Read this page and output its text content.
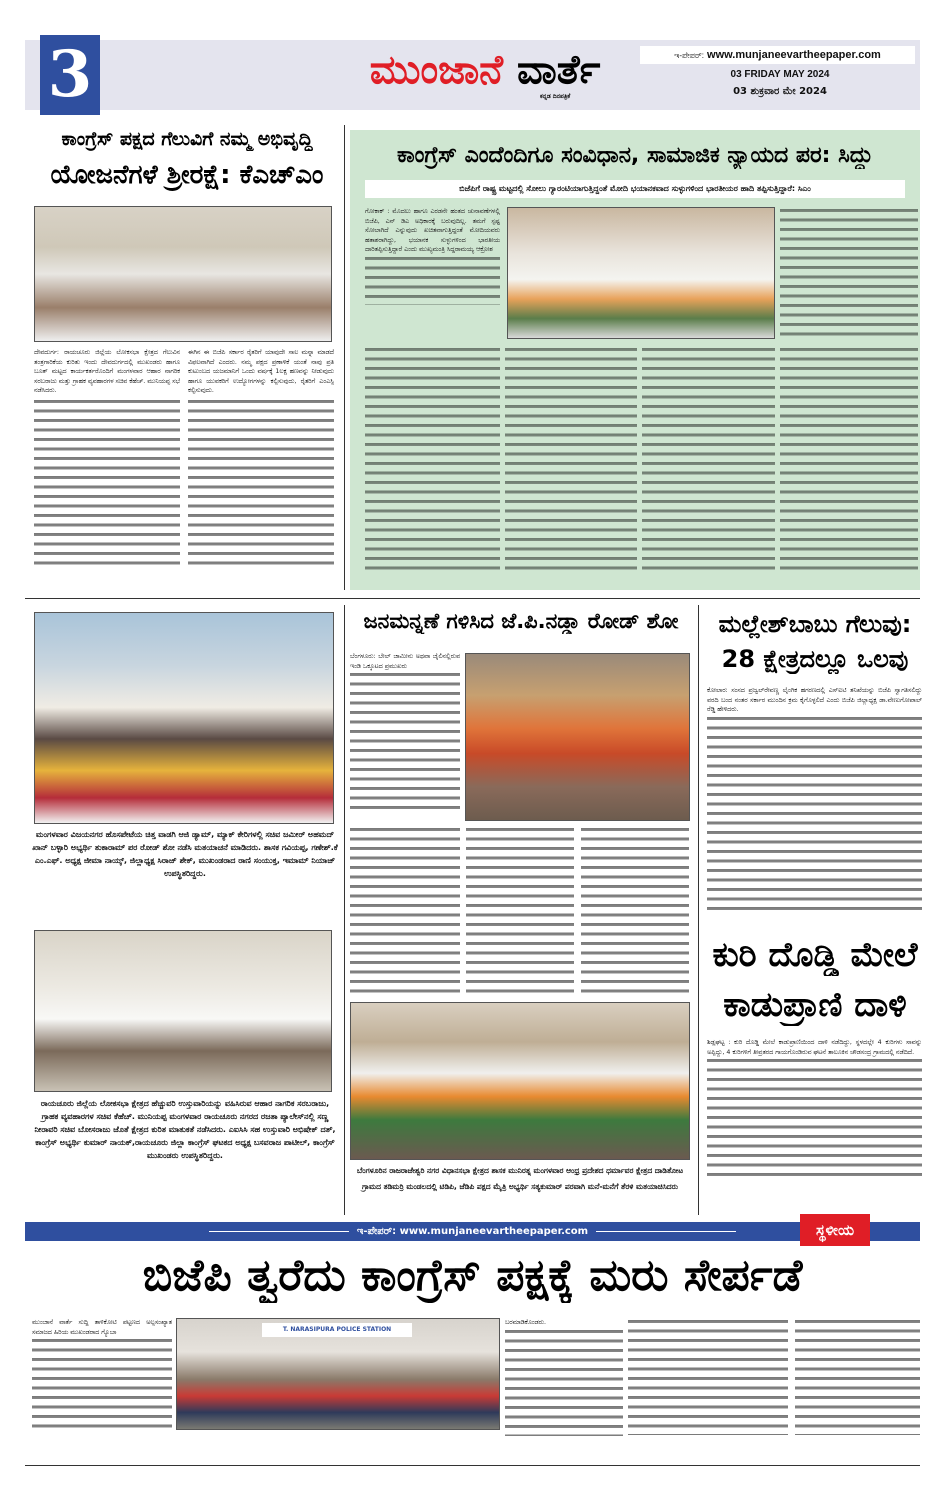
3	ಮುಂಜಾನೆ ವಾರ್ತೆ
ಕನ್ನಡ ದಿನಪತ್ರಿಕೆ
ಇ-ಪೇಪರ್: www.munjaneevartheepaper.com
03 FRIDAY MAY 2024
03 ಶುಕ್ರವಾರ ಮೇ 2024
ಕಾಂಗ್ರೆಸ್ ಪಕ್ಷದ ಗೆಲುವಿಗೆ ನಮ್ಮ ಅಭಿವೃದ್ಧಿ
ಯೋಜನೆಗಳೆ ಶ್ರೀರಕ್ಷೆ: ಕೆಎಚ್‌ಎಂ
ದೇವದುರ್ಗ: ರಾಯಚೂರು ಜಿಲ್ಲೆಯ ಲೋಕಸಭಾ ಕ್ಷೇತ್ರದ ಗೆಲುವಿನ ತಂತ್ರಗಾರಿಕೆಯ ಕುರಿತು ಇಂದು ದೇವದುರ್ಗದಲ್ಲಿ ಮುಖಂಡರು ಹಾಗೂ ಬೂತ್ ಮಟ್ಟದ ಕಾರ್ಯಕರ್ತರೊಂದಿಗೆ ಮಂಗಳವಾರ ಆಹಾರ ನಾಗರಿಕ ಸರಬರಾಜು ಮತ್ತು ಗ್ರಾಹಕ ವ್ಯವಹಾರಗಳ ಸಚಿವ ಕೆಹೆಚ್. ಮುನಿಯಪ್ಪ ಸಭೆ ನಡೆಸಿದರು.
ಈಗಿನ ಈ ಬಿಜೆಪಿ ಸರ್ಕಾರ ರೈತರಿಗೆ ಯಾವುದೇ ಸಾಲ ಮನ್ನಾ ಮಾಡದೆ ವಿಫಲವಾಗಿದೆ ಎಂದರು. ನಮ್ಮ ಪಕ್ಷದ ಪ್ರಣಾಳಿಕೆ ಯಂತೆ ನಾವು ಪ್ರತಿ ಕುಟುಂಬದ ಯಜಮಾನಿಗೆ ಒಂದು ವರ್ಷಕ್ಕೆ 1ಲಕ್ಷ ಹಣವನ್ನು ನೀಡುವುದು ಹಾಗೂ ಯುವಕರಿಗೆ ಉದ್ಯೋಗಗಳನ್ನು ಕಲ್ಪಿಸುವುದು, ರೈತರಿಗೆ ಎಂಎಸ್ಪಿ ಕಲ್ಪಿಸುವುದು.
ಕಾಂಗ್ರೆಸ್ ಎಂದೆಂದಿಗೂ ಸಂವಿಧಾನ, ಸಾಮಾಜಿಕ ನ್ಯಾಯದ ಪರ: ಸಿದ್ದು
ಬಿಜೆಪಿಗೆ ರಾಷ್ಟ್ರ ಮಟ್ಟದಲ್ಲಿ ಸೋಲು ಗ್ಯಾರಂಟಿಯಾಗುತ್ತಿದ್ದಂತೆ ಮೋದಿ ಭಯಾನಕವಾದ ಸುಳ್ಳುಗಳಿಂದ ಭಾರತೀಯರ ಹಾದಿ ತಪ್ಪಿಸುತ್ತಿದ್ದಾರೆ: ಸಿಎಂ
ಗೋಕಾಕ್ : ಮೊದಲು ಹಾಗೂ ಎರಡನೇ ಹಂತದ ಚುನಾವಣೆಗಳಲ್ಲಿ ಬಿಜೆಪಿ, ಎನ್ ಡಿಎ ಅಧಿಕಾರಕ್ಕೆ ಬರುವುದಿಲ್ಲ. ತಮಗೆ ಸ್ಪಷ್ಟ ಸೋಲಾಗಿದೆ ಎನ್ನುವುದು ಖಚಿತವಾಗುತ್ತಿದ್ದಂತೆ ಮೋದಿಯವರು ಹತಾಶರಾಗಿದ್ದು, ಭಯಾನಕ ಸುಳ್ಳುಗಳಿಂದ ಭಾರತೀಯ ದಾರಿತಪ್ಪಿಸುತ್ತಿದ್ದಾರೆ ಎಂದು ಮುಖ್ಯಮಂತ್ರಿ ಸಿದ್ದರಾಮಯ್ಯ ಆಕ್ರೋಶ
ಮಂಗಳವಾರ ವಿಜಯನಗರ ಹೊಸಪೇಟೆಯ ಚಿತ್ತ ವಾಡಗಿ ಆಜಿ ಡ್ಯಾಮ್, ಮ್ಯಾಕ್ ಕೇರಿಗಳಲ್ಲಿ ಸಚಿವ ಜಮೀರ್ ಅಹಮದ್ ಖಾನ್ ಬಳ್ಳಾರಿ ಅಭ್ಯರ್ಥಿ ತುಕಾರಾಮ್ ಪರ ರೋಡ್ ಶೋ ನಡೆಸಿ ಮತಯಾಚನೆ ಮಾಡಿದರು. ಶಾಸಕ ಗವಿಯಪ್ಪ, ಗಣೇಶ್.ಕೆ ಎಂ.ಎಫ್. ಅಧ್ಯಕ್ಷ ಜೀಮಾ ನಾಯ್ಕ್, ಜಿಲ್ಲಾಧ್ಯಕ್ಷ ಸಿರಾಜ್ ಶೇಕ್, ಮುಖಂಡರಾದ ರಾಣಿ ಸಂಯುಕ್ತ, ಇಮಾಮ್ ನಿಯಾಜ್ ಉಪಸ್ಥಿತರಿದ್ದರು.
ರಾಯಚೂರು ಜಿಲ್ಲೆಯ ಲೋಕಸಭಾ ಕ್ಷೇತ್ರದ ಹೆಚ್ಚುವರಿ ಉಸ್ತುವಾರಿಯನ್ನು ವಹಿಸಿರುವ ಆಹಾರ ನಾಗರಿಕ ಸರಬರಾಜು, ಗ್ರಾಹಕ ವ್ಯವಹಾರಗಳ ಸಚಿವ ಕೆಹೆಚ್. ಮುನಿಯಪ್ಪ ಮಂಗಳವಾರ ರಾಯಚೂರು ನಗರದ ರಜತಾ ಪ್ಯಾಲೇಸ್‌ನಲ್ಲಿ ಸಣ್ಣ ನೀರಾವರಿ ಸಚಿವ ಬೋಸರಾಜು ಜೊತೆ ಕ್ಷೇತ್ರದ ಕುರಿತ ಮಾತುಕತೆ ನಡೆಸಿದರು. ಎಐಸಿಸಿ ಸಹ ಉಸ್ತುವಾರಿ ಅಭಿಷೇಕ್ ದತ್, ಕಾಂಗ್ರೆಸ್ ಅಭ್ಯರ್ಥಿ ಕುಮಾರ್ ನಾಯಕ್,ರಾಯಚೂರು ಜಿಲ್ಲಾ ಕಾಂಗ್ರೆಸ್ ಘಟಕದ ಅಧ್ಯಕ್ಷ ಬಸವರಾಜ ಪಾಟೀಲ್, ಕಾಂಗ್ರೆಸ್ ಮುಖಂಡರು ಉಪಸ್ಥಿತರಿದ್ದರು.
ಜನಮನ್ನಣೆ ಗಳಿಸಿದ ಜೆ.ಪಿ.ನಡ್ಡಾ ರೋಡ್ ಶೋ
ಬೆಂಗಳೂರು: ಬೇಲ್ ಜಾಮೀನು ಅಥವಾ ಜೈಲಿನಲ್ಲಿರುವ ಇಂಡಿ ಒಕ್ಕೂಟದ ಪ್ರಮುಖರು
ಬೆಂಗಳೂರಿನ ರಾಜರಾಜೇಶ್ವರಿ ನಗರ ವಿಧಾನಸಭಾ ಕ್ಷೇತ್ರದ ಶಾಸಕ ಮುನಿರತ್ನ ಮಂಗಳವಾರ ಆಂಧ್ರ ಪ್ರದೇಶದ ಧರ್ಮಾವರ ಕ್ಷೇತ್ರದ ದಾಡಿತೋಟ ಗ್ರಾಮದ ತಡಿಮರ್ರಿ ಮಂಡಲದಲ್ಲಿ ಟಿಡಿಪಿ, ಜೆಡಿಪಿ ಪಕ್ಷದ ಮೈತ್ರಿ ಅಭ್ಯರ್ಥಿ ಸತ್ಯಕುಮಾರ್ ಪರವಾಗಿ ಮನೆ-ಮನೆಗೆ ತೆರಳಿ ಮತಯಾಚಿಸಿದರು
ಮಲ್ಲೇಶ್‌ಬಾಬು ಗೆಲುವು:
28 ಕ್ಷೇತ್ರದಲ್ಲೂ ಒಲವು
ಕೋಲಾರ: ಸಂಸದ ಪ್ರಜ್ವಲ್‌ರೇವಣ್ಣ ಲೈಂಗಿಕ ಹಗರಣದಲ್ಲಿ ಎಸ್‌ಐಟಿ ತನಿಖೆಯನ್ನು ಬಿಜೆಪಿ ಸ್ವಾಗತಿಸಲಿದ್ದು ವರದಿ ಬಂದ ನಂತರ ಸರ್ಕಾರ ಮುಂದಿನ ಕ್ರಮ ಕೈಗೊಳ್ಳಲಿದೆ ಎಂದು ಬಿಜೆಪಿ ಜಿಲ್ಲಾಧ್ಯಕ್ಷ ಡಾ.ವೇಣುಗೋಪಾಲ್ ರೆಡ್ಡಿ ಹೇಳಿದರು.
ಕುರಿ ದೊಡ್ಡಿ ಮೇಲೆ
ಕಾಡುಪ್ರಾಣಿ ದಾಳಿ
ಶಿಡ್ಲಘಟ್ಟ : ಕುರಿ ದೊಡ್ಡಿ ಮೇಲೆ ಕಾಡುಪ್ರಾಣಿಯಿಂದ ದಾಳಿ ನಡೆದಿದ್ದು, ಸ್ಥಳದಲ್ಲೇ 4 ಕುರಿಗಳು ಸಾವನ್ನು ಅಪ್ಪಿದ್ದು, 4 ಕುರಿಗಳಿಗೆ ತೀವ್ರತರದ ಗಾಯಗೊಂಡಿರುವ ಘಟನೆ ತಾಲೂಕಿನ ಚೌಡಸಂದ್ರ ಗ್ರಾಮದಲ್ಲಿ ನಡೆದಿದೆ.
ಇ-ಪೇಪರ್: www.munjaneevartheepaper.com	ಸ್ಥಳೀಯ
ಬಿಜೆಪಿ ತ್ವರೆದು ಕಾಂಗ್ರೆಸ್ ಪಕ್ಷಕ್ಕೆ ಮರು ಸೇರ್ಪಡೆ
ಮುಂಜಾನೆ ವಾರ್ತೆ ಸುದ್ದಿ ತಾಳಿಕೋಟಿ ಪಟ್ಟಣದ ಅಲ್ಪಸಂಖ್ಯಾತ ಸಮಾಜದ ಹಿರಿಯ ಮುಖಂಡರಾದ ಗ್ಯೊಬಾ	T. NARASIPURA POLICE STATION
ಬರಮಾಡಿಕೊಂಡರು.
